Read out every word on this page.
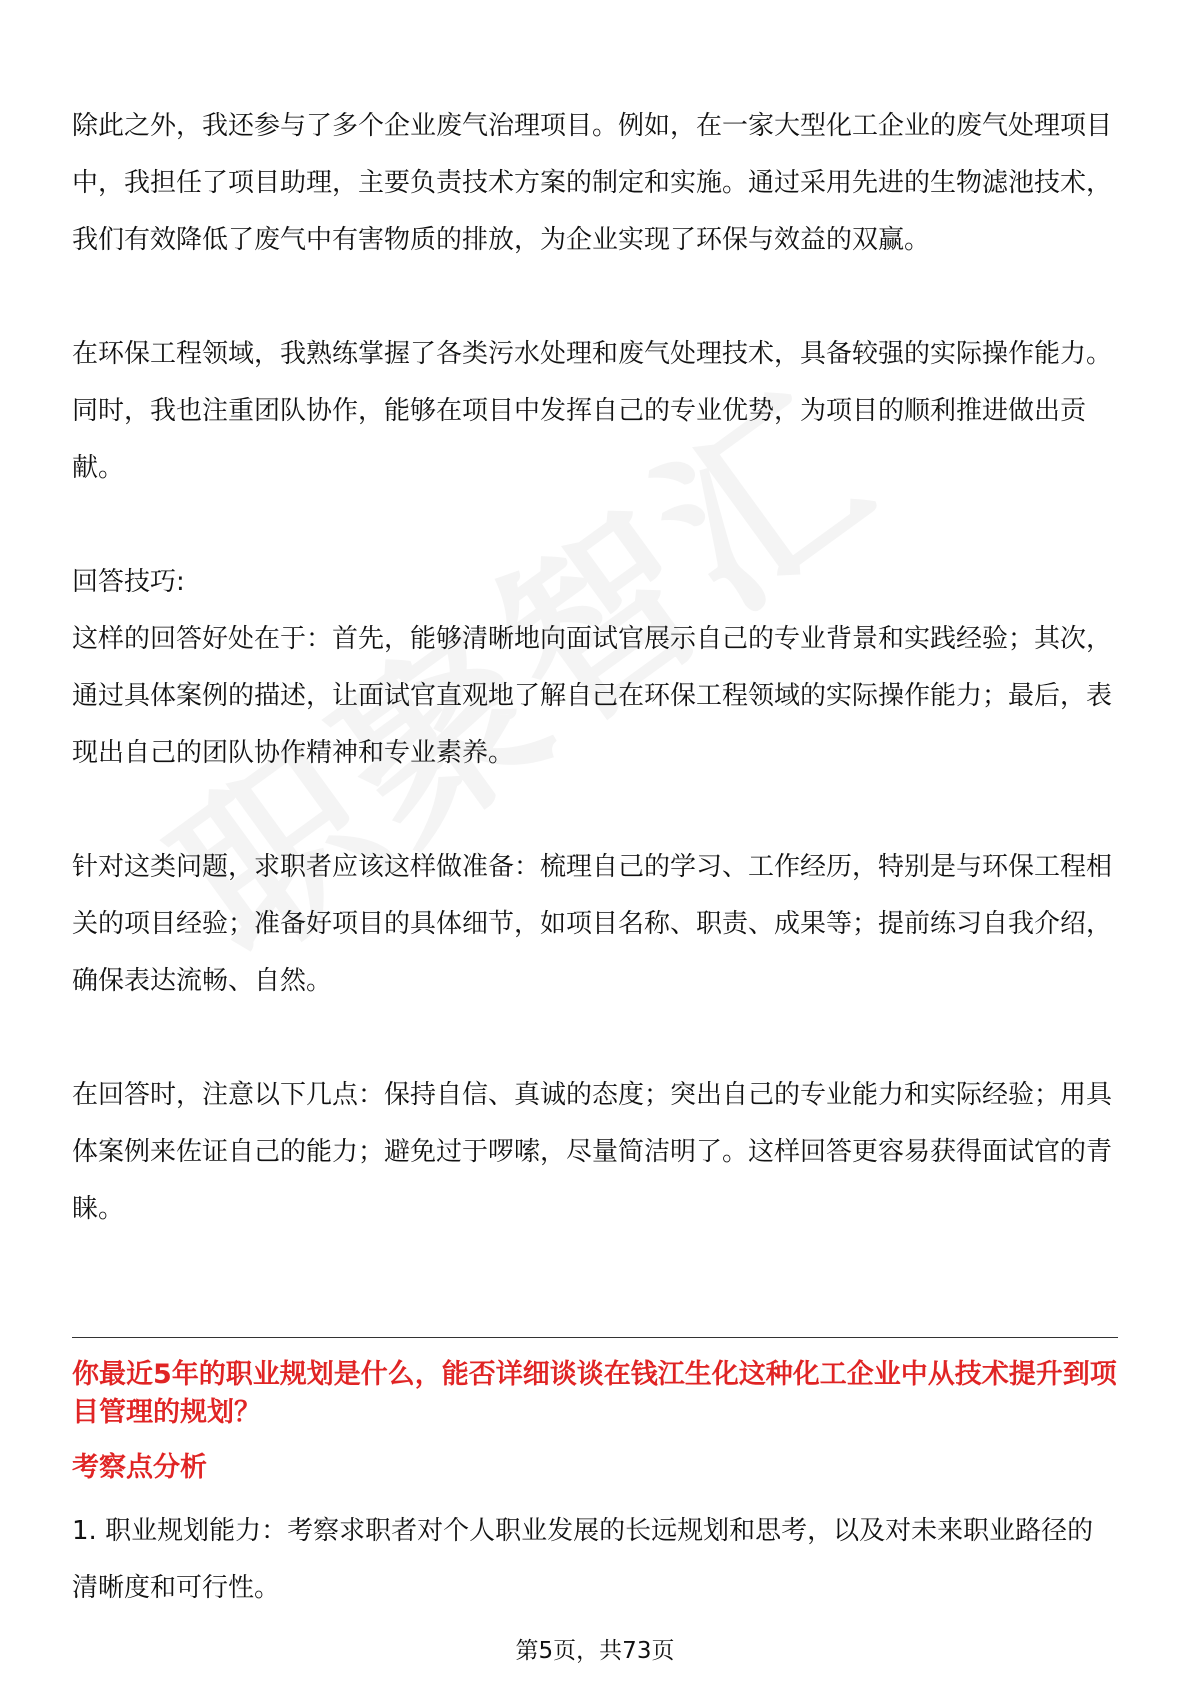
除此之外，我还参与了多个企业废气治理项目。例如，在一家大型化工企业的废气处理项目中，我担任了项目助理，主要负责技术方案的制定和实施。通过采用先进的生物滤池技术，我们有效降低了废气中有害物质的排放，为企业实现了环保与效益的双赢。

在环保工程领域，我熟练掌握了各类污水处理和废气处理技术，具备较强的实际操作能力。同时，我也注重团队协作，能够在项目中发挥自己的专业优势，为项目的顺利推进做出贡献。

回答技巧:

这样的回答好处在于：首先，能够清晰地向面试官展示自己的专业背景和实践经验；其次，通过具体案例的描述，让面试官直观地了解自己在环保工程领域的实际操作能力；最后，表现出自己的团队协作精神和专业素养。

针对这类问题，求职者应该这样做准备：梳理自己的学习、工作经历，特别是与环保工程相关的项目经验；准备好项目的具体细节，如项目名称、职责、成果等；提前练习自我介绍，确保表达流畅、自然。

在回答时，注意以下几点：保持自信、真诚的态度；突出自己的专业能力和实际经验；用具体案例来佐证自己的能力；避免过于啰嗦，尽量简洁明了。这样回答更容易获得面试官的青睐。

你最近5年的职业规划是什么，能否详细谈谈在钱江生化这种化工企业中从技术提升到项目管理的规划？
考察点分析
1. 职业规划能力：考察求职者对个人职业发展的长远规划和思考，以及对未来职业路径的清晰度和可行性。
第5页，共73页
